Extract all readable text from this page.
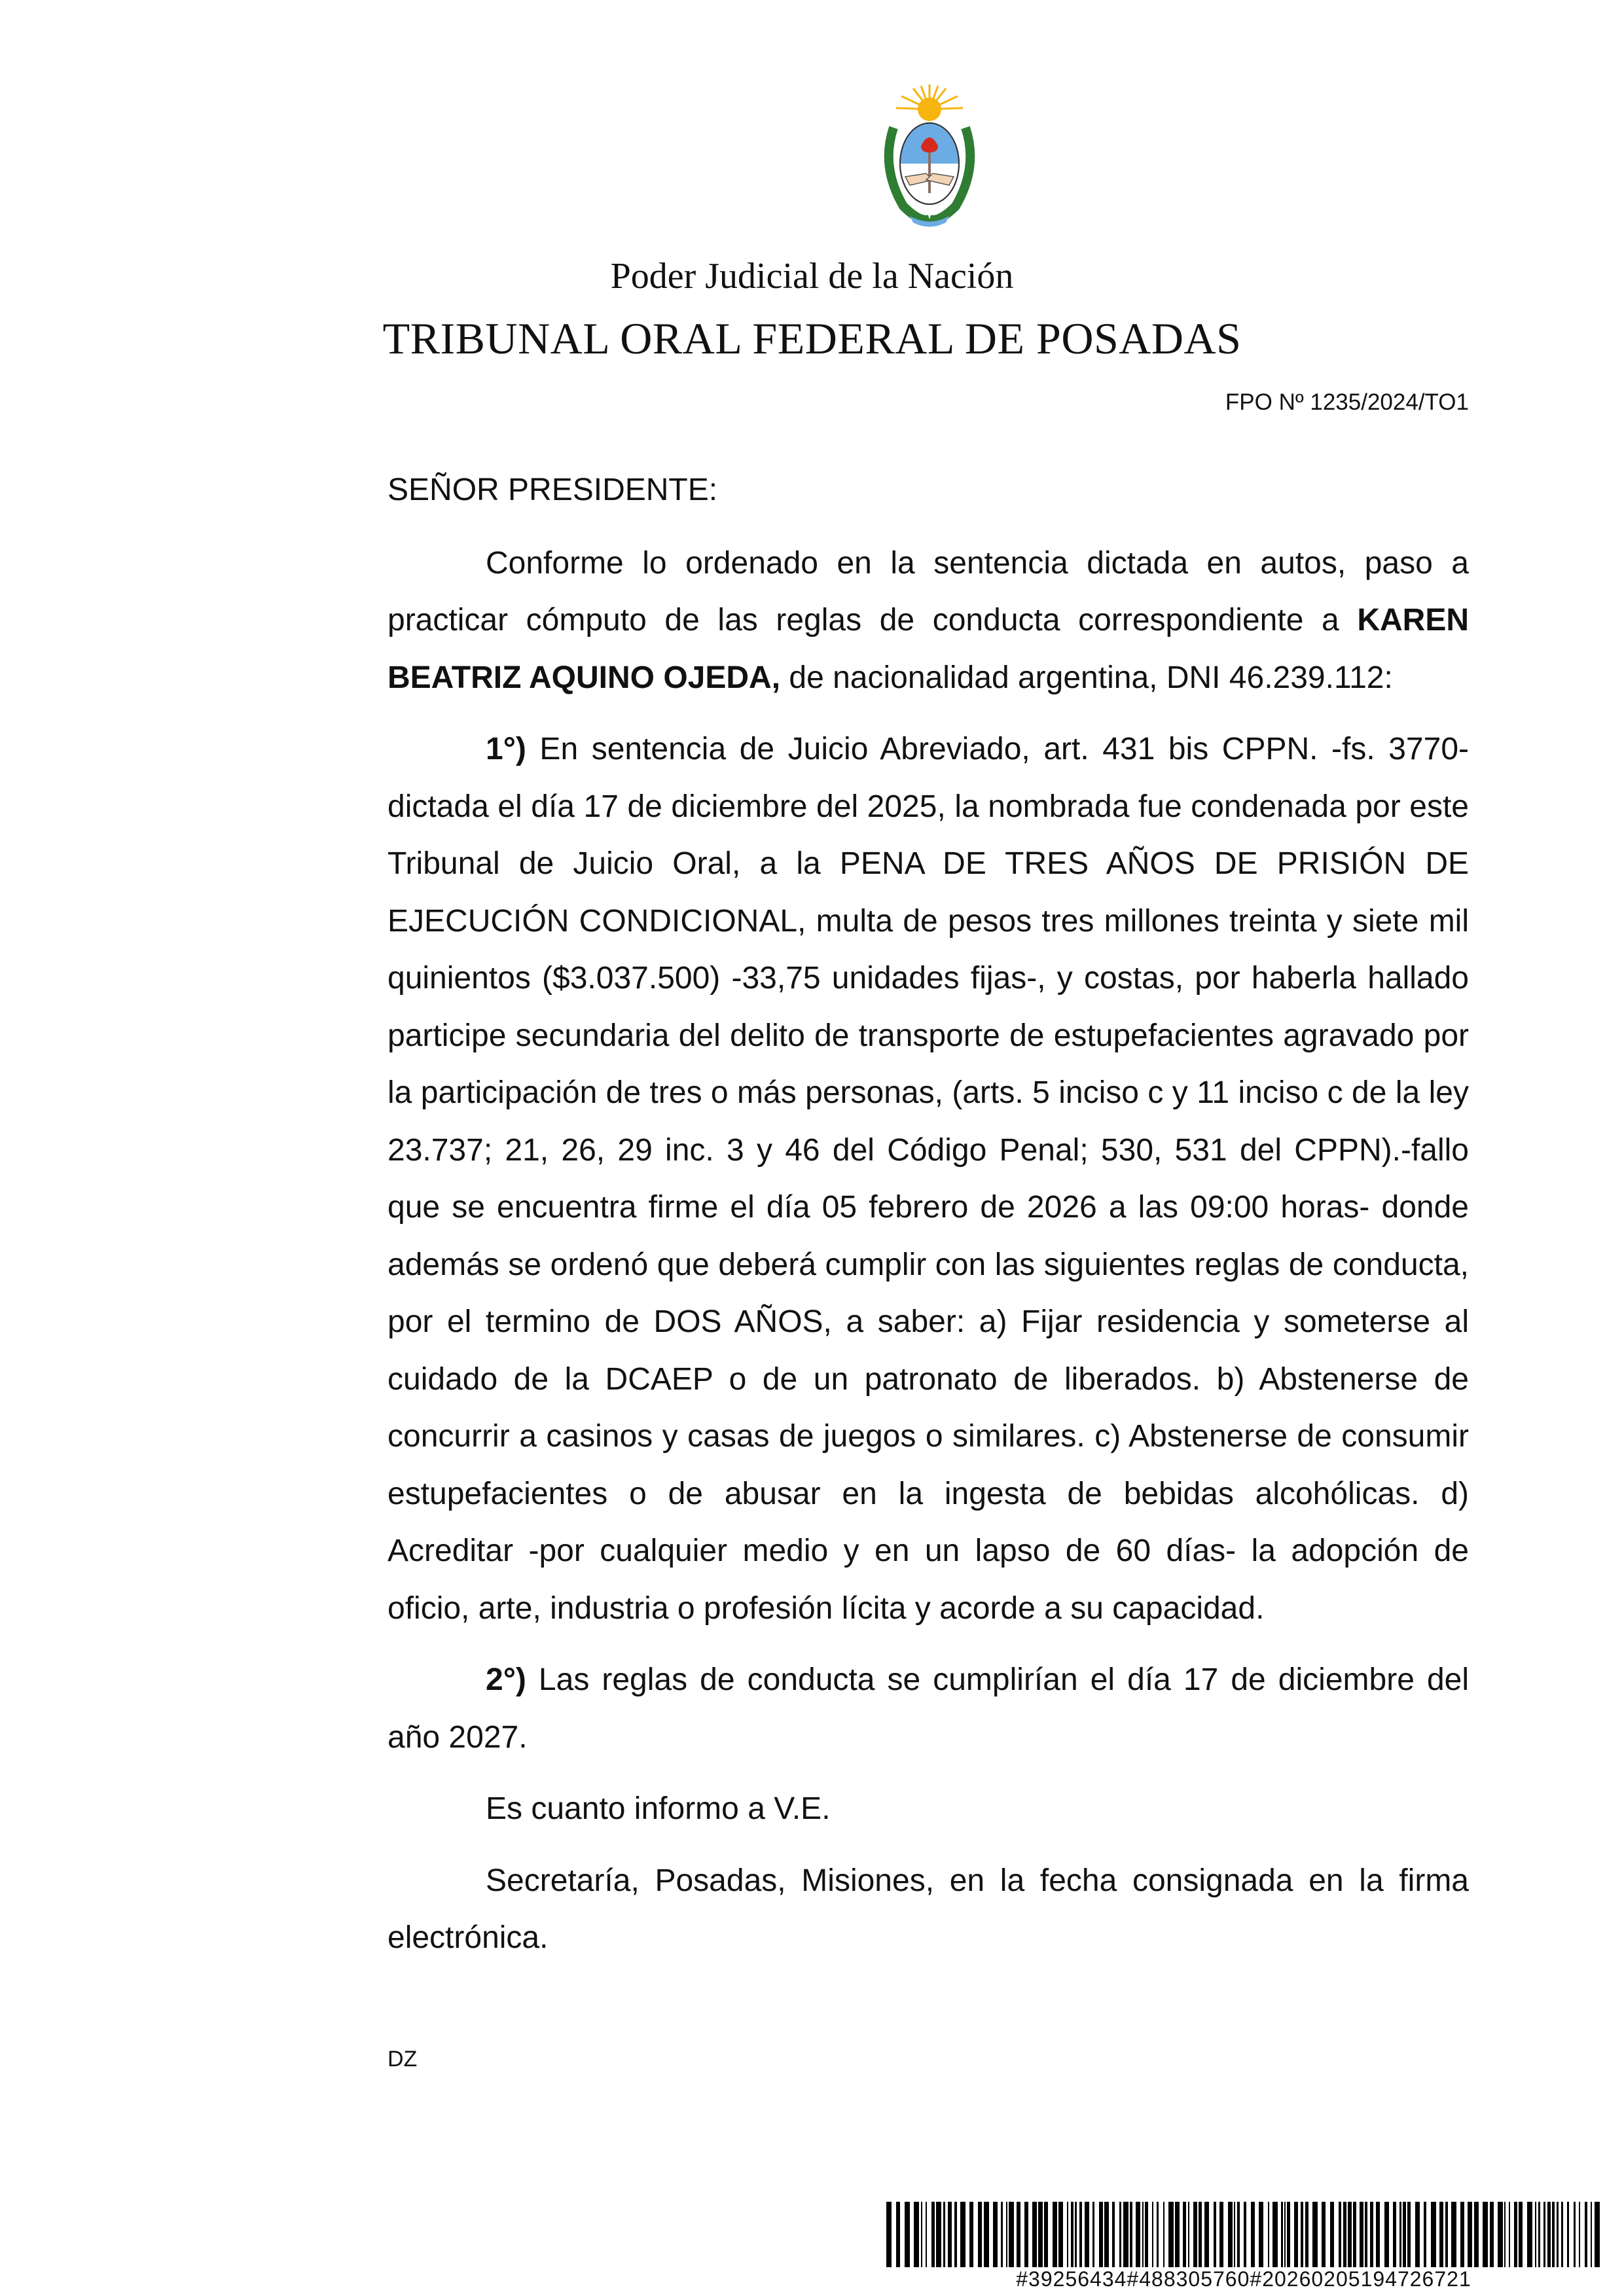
Poder Judicial de la Nación
TRIBUNAL ORAL FEDERAL DE POSADAS
FPO Nº 1235/2024/TO1

SEÑOR PRESIDENTE:

Conforme lo ordenado en la sentencia dictada en autos, paso a practicar cómputo de las reglas de conducta correspondiente a KAREN BEATRIZ AQUINO OJEDA, de nacionalidad argentina, DNI 46.239.112:

1°) En sentencia de Juicio Abreviado, art. 431 bis CPPN. -fs. 3770- dictada el día 17 de diciembre del 2025, la nombrada fue condenada por este Tribunal de Juicio Oral, a la PENA DE TRES AÑOS DE PRISIÓN DE EJECUCIÓN CONDICIONAL, multa de pesos tres millones treinta y siete mil quinientos ($3.037.500) -33,75 unidades fijas-, y costas, por haberla hallado participe secundaria del delito de transporte de estupefacientes agravado por la participación de tres o más personas, (arts. 5 inciso c y 11 inciso c de la ley 23.737; 21, 26, 29 inc. 3 y 46 del Código Penal; 530, 531 del CPPN).-fallo que se encuentra firme el día 05 febrero de 2026 a las 09:00 horas- donde además se ordenó que deberá cumplir con las siguientes reglas de conducta, por el termino de DOS AÑOS, a saber: a) Fijar residencia y someterse al cuidado de la DCAEP o de un patronato de liberados. b) Abstenerse de concurrir a casinos y casas de juegos o similares. c) Abstenerse de consumir estupefacientes o de abusar en la ingesta de bebidas alcohólicas. d) Acreditar -por cualquier medio y en un lapso de 60 días- la adopción de oficio, arte, industria o profesión lícita y acorde a su capacidad.

2°) Las reglas de conducta se cumplirían el día 17 de diciembre del año 2027.

Es cuanto informo a V.E.

Secretaría, Posadas, Misiones, en la fecha consignada en la firma electrónica.

DZ
#39256434#488305760#20260205194726721
